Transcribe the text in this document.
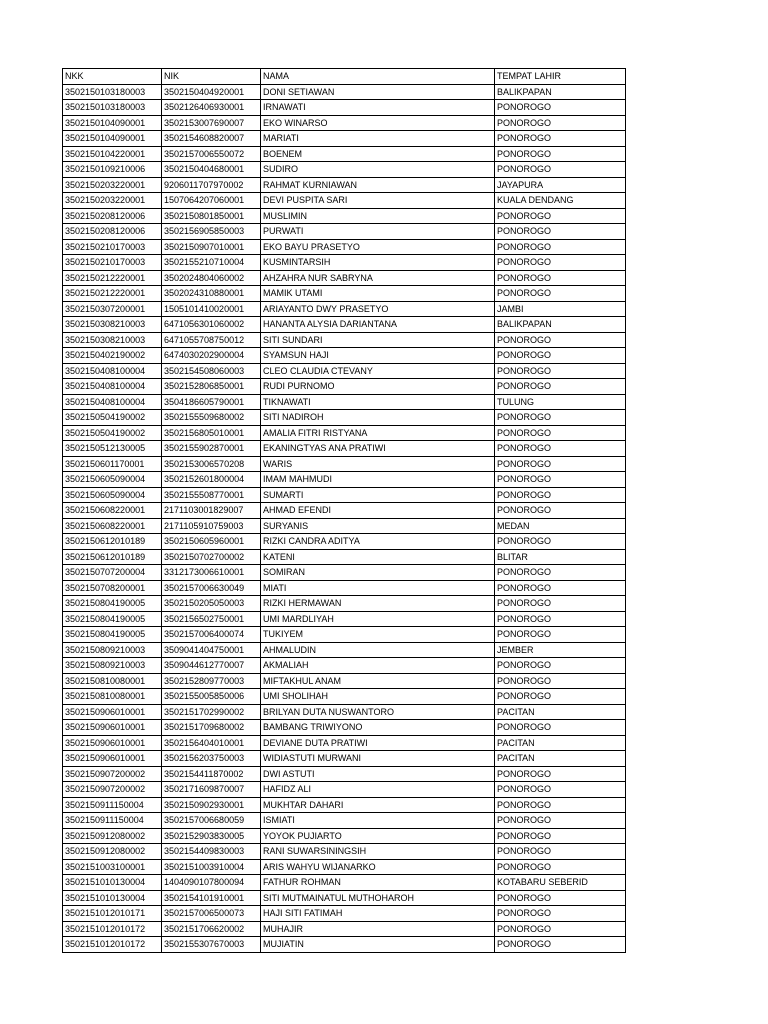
NKK	NIK	NAMA	TEMPAT LAHIR
3502150103180003	3502150404920001	DONI SETIAWAN	BALIKPAPAN
3502150103180003	3502126406930001	IRNAWATI	PONOROGO
3502150104090001	3502153007690007	EKO WINARSO	PONOROGO
3502150104090001	3502154608820007	MARIATI	PONOROGO
3502150104220001	3502157006550072	BOENEM	PONOROGO
3502150109210006	3502150404680001	SUDIRO	PONOROGO
3502150203220001	9206011707970002	RAHMAT KURNIAWAN	JAYAPURA
3502150203220001	1507064207060001	DEVI PUSPITA SARI	KUALA DENDANG
3502150208120006	3502150801850001	MUSLIMIN	PONOROGO
3502150208120006	3502156905850003	PURWATI	PONOROGO
3502150210170003	3502150907010001	EKO BAYU PRASETYO	PONOROGO
3502150210170003	3502155210710004	KUSMINTARSIH	PONOROGO
3502150212220001	3502024804060002	AHZAHRA NUR SABRYNA	PONOROGO
3502150212220001	3502024310880001	MAMIK UTAMI	PONOROGO
3502150307200001	1505101410020001	ARIAYANTO DWY PRASETYO	JAMBI
3502150308210003	6471056301060002	HANANTA ALYSIA DARIANTANA	BALIKPAPAN
3502150308210003	6471055708750012	SITI SUNDARI	PONOROGO
3502150402190002	6474030202900004	SYAMSUN HAJI	PONOROGO
3502150408100004	3502154508060003	CLEO CLAUDIA CTEVANY	PONOROGO
3502150408100004	3502152806850001	RUDI PURNOMO	PONOROGO
3502150408100004	3504186605790001	TIKNAWATI	TULUNG
3502150504190002	3502155509680002	SITI NADIROH	PONOROGO
3502150504190002	3502156805010001	AMALIA FITRI RISTYANA	PONOROGO
3502150512130005	3502155902870001	EKANINGTYAS ANA PRATIWI	PONOROGO
3502150601170001	3502153006570208	WARIS	PONOROGO
3502150605090004	3502152601800004	IMAM MAHMUDI	PONOROGO
3502150605090004	3502155508770001	SUMARTI	PONOROGO
3502150608220001	2171103001829007	AHMAD EFENDI	PONOROGO
3502150608220001	2171105910759003	SURYANIS	MEDAN
3502150612010189	3502150605960001	RIZKI CANDRA ADITYA	PONOROGO
3502150612010189	3502150702700002	KATENI	BLITAR
3502150707200004	3312173006610001	SOMIRAN	PONOROGO
3502150708200001	3502157006630049	MIATI	PONOROGO
3502150804190005	3502150205050003	RIZKI HERMAWAN	PONOROGO
3502150804190005	3502156502750001	UMI MARDLIYAH	PONOROGO
3502150804190005	3502157006400074	TUKIYEM	PONOROGO
3502150809210003	3509041404750001	AHMALUDIN	JEMBER
3502150809210003	3509044612770007	AKMALIAH	PONOROGO
3502150810080001	3502152809770003	MIFTAKHUL ANAM	PONOROGO
3502150810080001	3502155005850006	UMI SHOLIHAH	PONOROGO
3502150906010001	3502151702990002	BRILYAN DUTA NUSWANTORO	PACITAN
3502150906010001	3502151709680002	BAMBANG TRIWIYONO	PONOROGO
3502150906010001	3502156404010001	DEVIANE DUTA PRATIWI	PACITAN
3502150906010001	3502156203750003	WIDIASTUTI MURWANI	PACITAN
3502150907200002	3502154411870002	DWI ASTUTI	PONOROGO
3502150907200002	3502171609870007	HAFIDZ ALI	PONOROGO
3502150911150004	3502150902930001	MUKHTAR DAHARI	PONOROGO
3502150911150004	3502157006680059	ISMIATI	PONOROGO
3502150912080002	3502152903830005	YOYOK PUJIARTO	PONOROGO
3502150912080002	3502154409830003	RANI SUWARSININGSIH	PONOROGO
3502151003100001	3502151003910004	ARIS WAHYU WIJANARKO	PONOROGO
3502151010130004	1404090107800094	FATHUR ROHMAN	KOTABARU SEBERID
3502151010130004	3502154101910001	SITI MUTMAINATUL MUTHOHAROH	PONOROGO
3502151012010171	3502157006500073	HAJI SITI FATIMAH	PONOROGO
3502151012010172	3502151706620002	MUHAJIR	PONOROGO
3502151012010172	3502155307670003	MUJIATIN	PONOROGO
